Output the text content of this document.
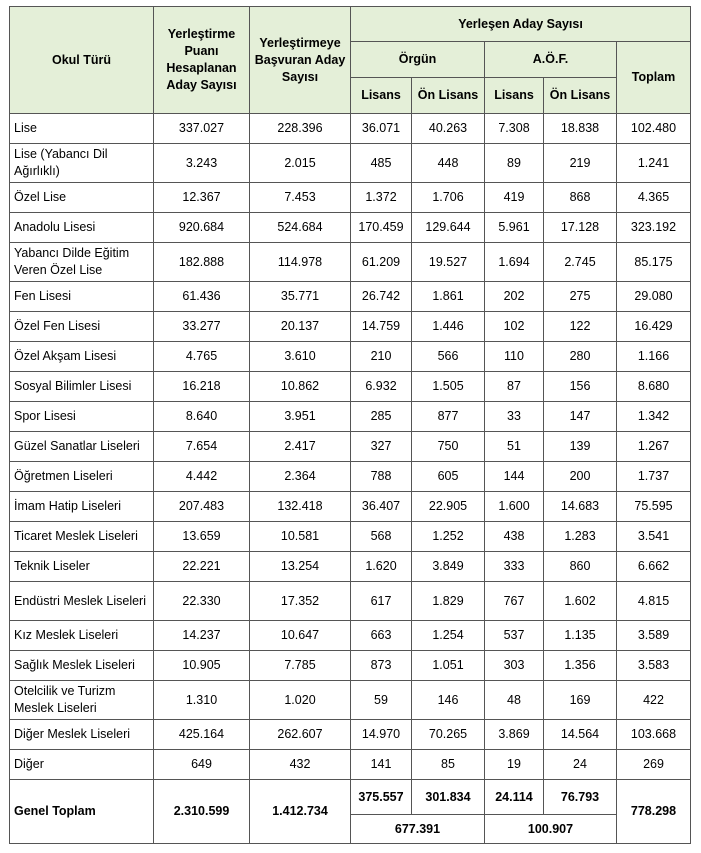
Okul Türü	Yerleştirme Puanı Hesaplanan Aday Sayısı	Yerleştirmeye Başvuran Aday Sayısı	Yerleşen Aday Sayısı				
			Örgün		A.Ö.F.		Toplam
			Lisans	Ön Lisans	Lisans	Ön Lisans	
Lise	337.027	228.396	36.071	40.263	7.308	18.838	102.480
Lise (Yabancı Dil Ağırlıklı)	3.243	2.015	485	448	89	219	1.241
Özel Lise	12.367	7.453	1.372	1.706	419	868	4.365
Anadolu Lisesi	920.684	524.684	170.459	129.644	5.961	17.128	323.192
Yabancı Dilde Eğitim Veren Özel Lise	182.888	114.978	61.209	19.527	1.694	2.745	85.175
Fen Lisesi	61.436	35.771	26.742	1.861	202	275	29.080
Özel Fen Lisesi	33.277	20.137	14.759	1.446	102	122	16.429
Özel Akşam Lisesi	4.765	3.610	210	566	110	280	1.166
Sosyal Bilimler Lisesi	16.218	10.862	6.932	1.505	87	156	8.680
Spor Lisesi	8.640	3.951	285	877	33	147	1.342
Güzel Sanatlar Liseleri	7.654	2.417	327	750	51	139	1.267
Öğretmen Liseleri	4.442	2.364	788	605	144	200	1.737
İmam Hatip Liseleri	207.483	132.418	36.407	22.905	1.600	14.683	75.595
Ticaret Meslek Liseleri	13.659	10.581	568	1.252	438	1.283	3.541
Teknik Liseler	22.221	13.254	1.620	3.849	333	860	6.662
Endüstri Meslek Liseleri	22.330	17.352	617	1.829	767	1.602	4.815
Kız Meslek Liseleri	14.237	10.647	663	1.254	537	1.135	3.589
Sağlık Meslek Liseleri	10.905	7.785	873	1.051	303	1.356	3.583
Otelcilik ve Turizm Meslek Liseleri	1.310	1.020	59	146	48	169	422
Diğer Meslek Liseleri	425.164	262.607	14.970	70.265	3.869	14.564	103.668
Diğer	649	432	141	85	19	24	269
Genel Toplam	2.310.599	1.412.734	375.557	301.834	24.114	76.793	778.298
			677.391		100.907		
